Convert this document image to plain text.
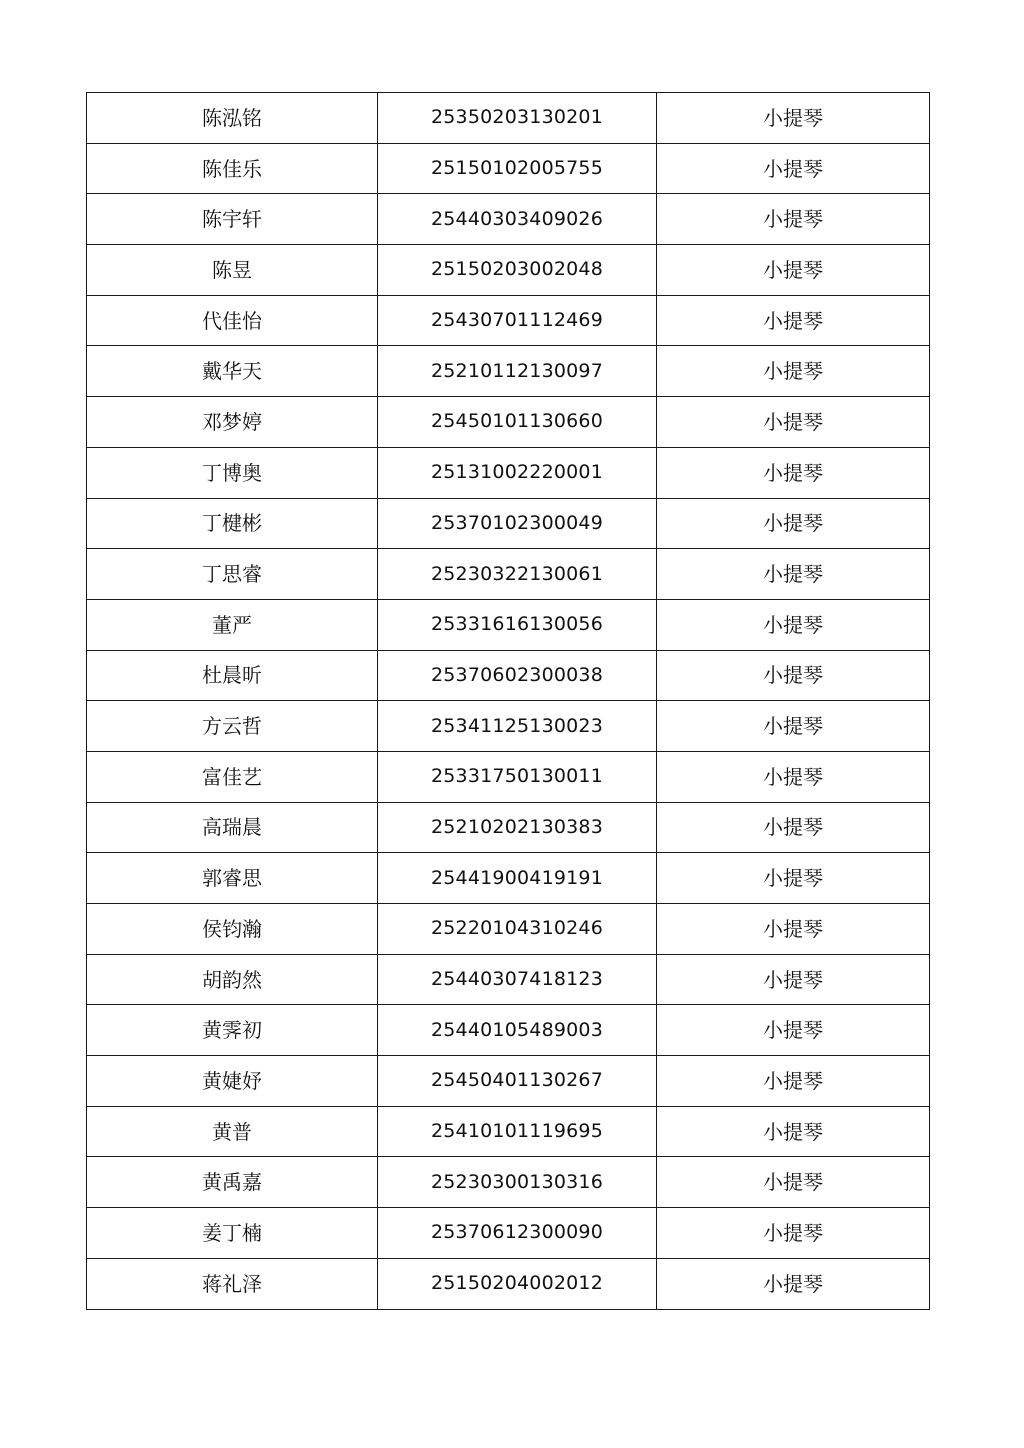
陈泓铭	25350203130201	小提琴
陈佳乐	25150102005755	小提琴
陈宇轩	25440303409026	小提琴
陈昱	25150203002048	小提琴
代佳怡	25430701112469	小提琴
戴华天	25210112130097	小提琴
邓梦婷	25450101130660	小提琴
丁博奥	25131002220001	小提琴
丁楗彬	25370102300049	小提琴
丁思睿	25230322130061	小提琴
董严	25331616130056	小提琴
杜晨昕	25370602300038	小提琴
方云哲	25341125130023	小提琴
富佳艺	25331750130011	小提琴
高瑞晨	25210202130383	小提琴
郭睿思	25441900419191	小提琴
侯钧瀚	25220104310246	小提琴
胡韵然	25440307418123	小提琴
黄霁初	25440105489003	小提琴
黄婕妤	25450401130267	小提琴
黄普	25410101119695	小提琴
黄禹嘉	25230300130316	小提琴
姜丁楠	25370612300090	小提琴
蒋礼泽	25150204002012	小提琴
